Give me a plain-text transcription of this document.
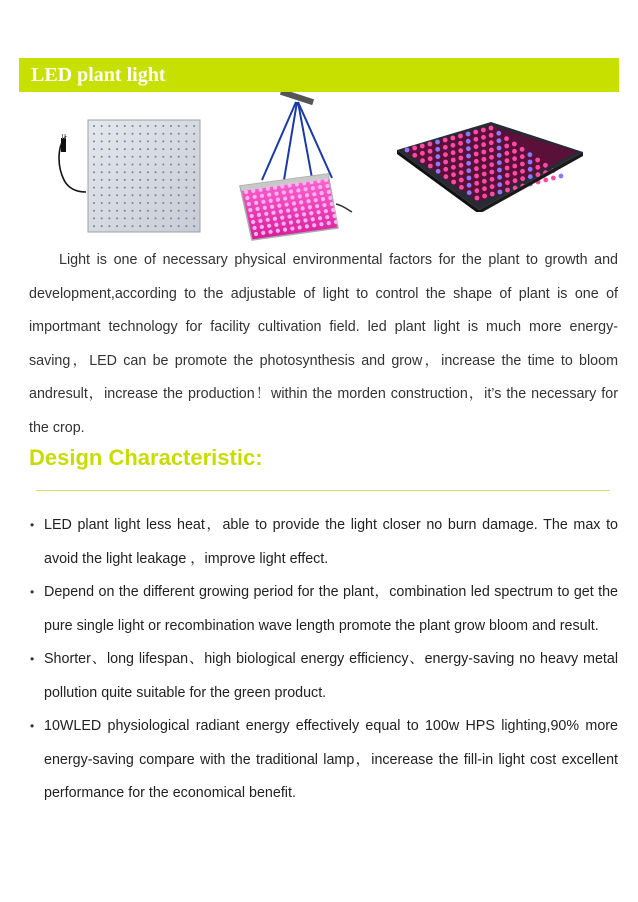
LED plant light

Light is one of necessary physical environmental factors for the plant to growth and development,according to the adjustable of light to control the shape of plant is one of importmant technology for facility cultivation field. led plant light is much more energy-saving，LED can be promote the photosynthesis and grow，increase the time to bloom andresult，increase the production！within the morden construction，it’s the necessary for the crop.

Design Characteristic:
• LED plant light less heat，able to provide the light closer no burn damage. The max to avoid the light leakage ，improve light effect.
• Depend on the different growing period for the plant，combination led spectrum to get the pure single light or recombination wave length promote the plant grow bloom and result.
• Shorter、long lifespan、high biological energy efficiency、energy-saving no heavy metal pollution quite suitable for the green product.
• 10WLED physiological radiant energy effectively equal to 100w HPS lighting,90% more energy-saving compare with the traditional lamp，incerease the fill-in light cost excellent performance for the economical benefit.
